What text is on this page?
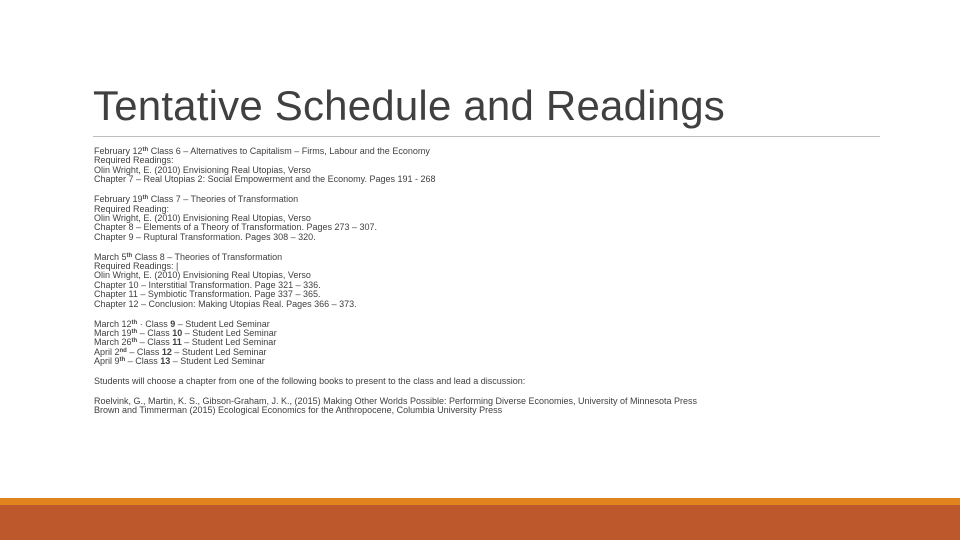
Tentative Schedule and Readings
February 12th Class 6 – Alternatives to Capitalism – Firms, Labour and the Economy
Required Readings:
Olin Wright, E. (2010) Envisioning Real Utopias, Verso
Chapter 7 – Real Utopias 2: Social Empowerment and the Economy. Pages 191 - 268
February 19th Class 7 – Theories of Transformation
Required Reading:
Olin Wright, E. (2010) Envisioning Real Utopias, Verso
Chapter 8 – Elements of a Theory of Transformation. Pages 273 – 307.
Chapter 9 – Ruptural Transformation. Pages 308 – 320.
March 5th Class 8 – Theories of Transformation
Required Readings: |
Olin Wright, E. (2010) Envisioning Real Utopias, Verso
Chapter 10 – Interstitial Transformation. Page 321 – 336.
Chapter 11 – Symbiotic Transformation. Page 337 – 365.
Chapter 12 – Conclusion: Making Utopias Real. Pages 366 – 373.
March 12th · Class 9 – Student Led Seminar
March 19th – Class 10 – Student Led Seminar
March 26th – Class 11 – Student Led Seminar
April 2nd – Class 12 – Student Led Seminar
April 9th – Class 13 – Student Led Seminar
Students will choose a chapter from one of the following books to present to the class and lead a discussion:
Roelvink, G., Martin, K. S., Gibson-Graham, J. K., (2015) Making Other Worlds Possible: Performing Diverse Economies, University of Minnesota Press
Brown and Timmerman (2015) Ecological Economics for the Anthropocene, Columbia University Press
